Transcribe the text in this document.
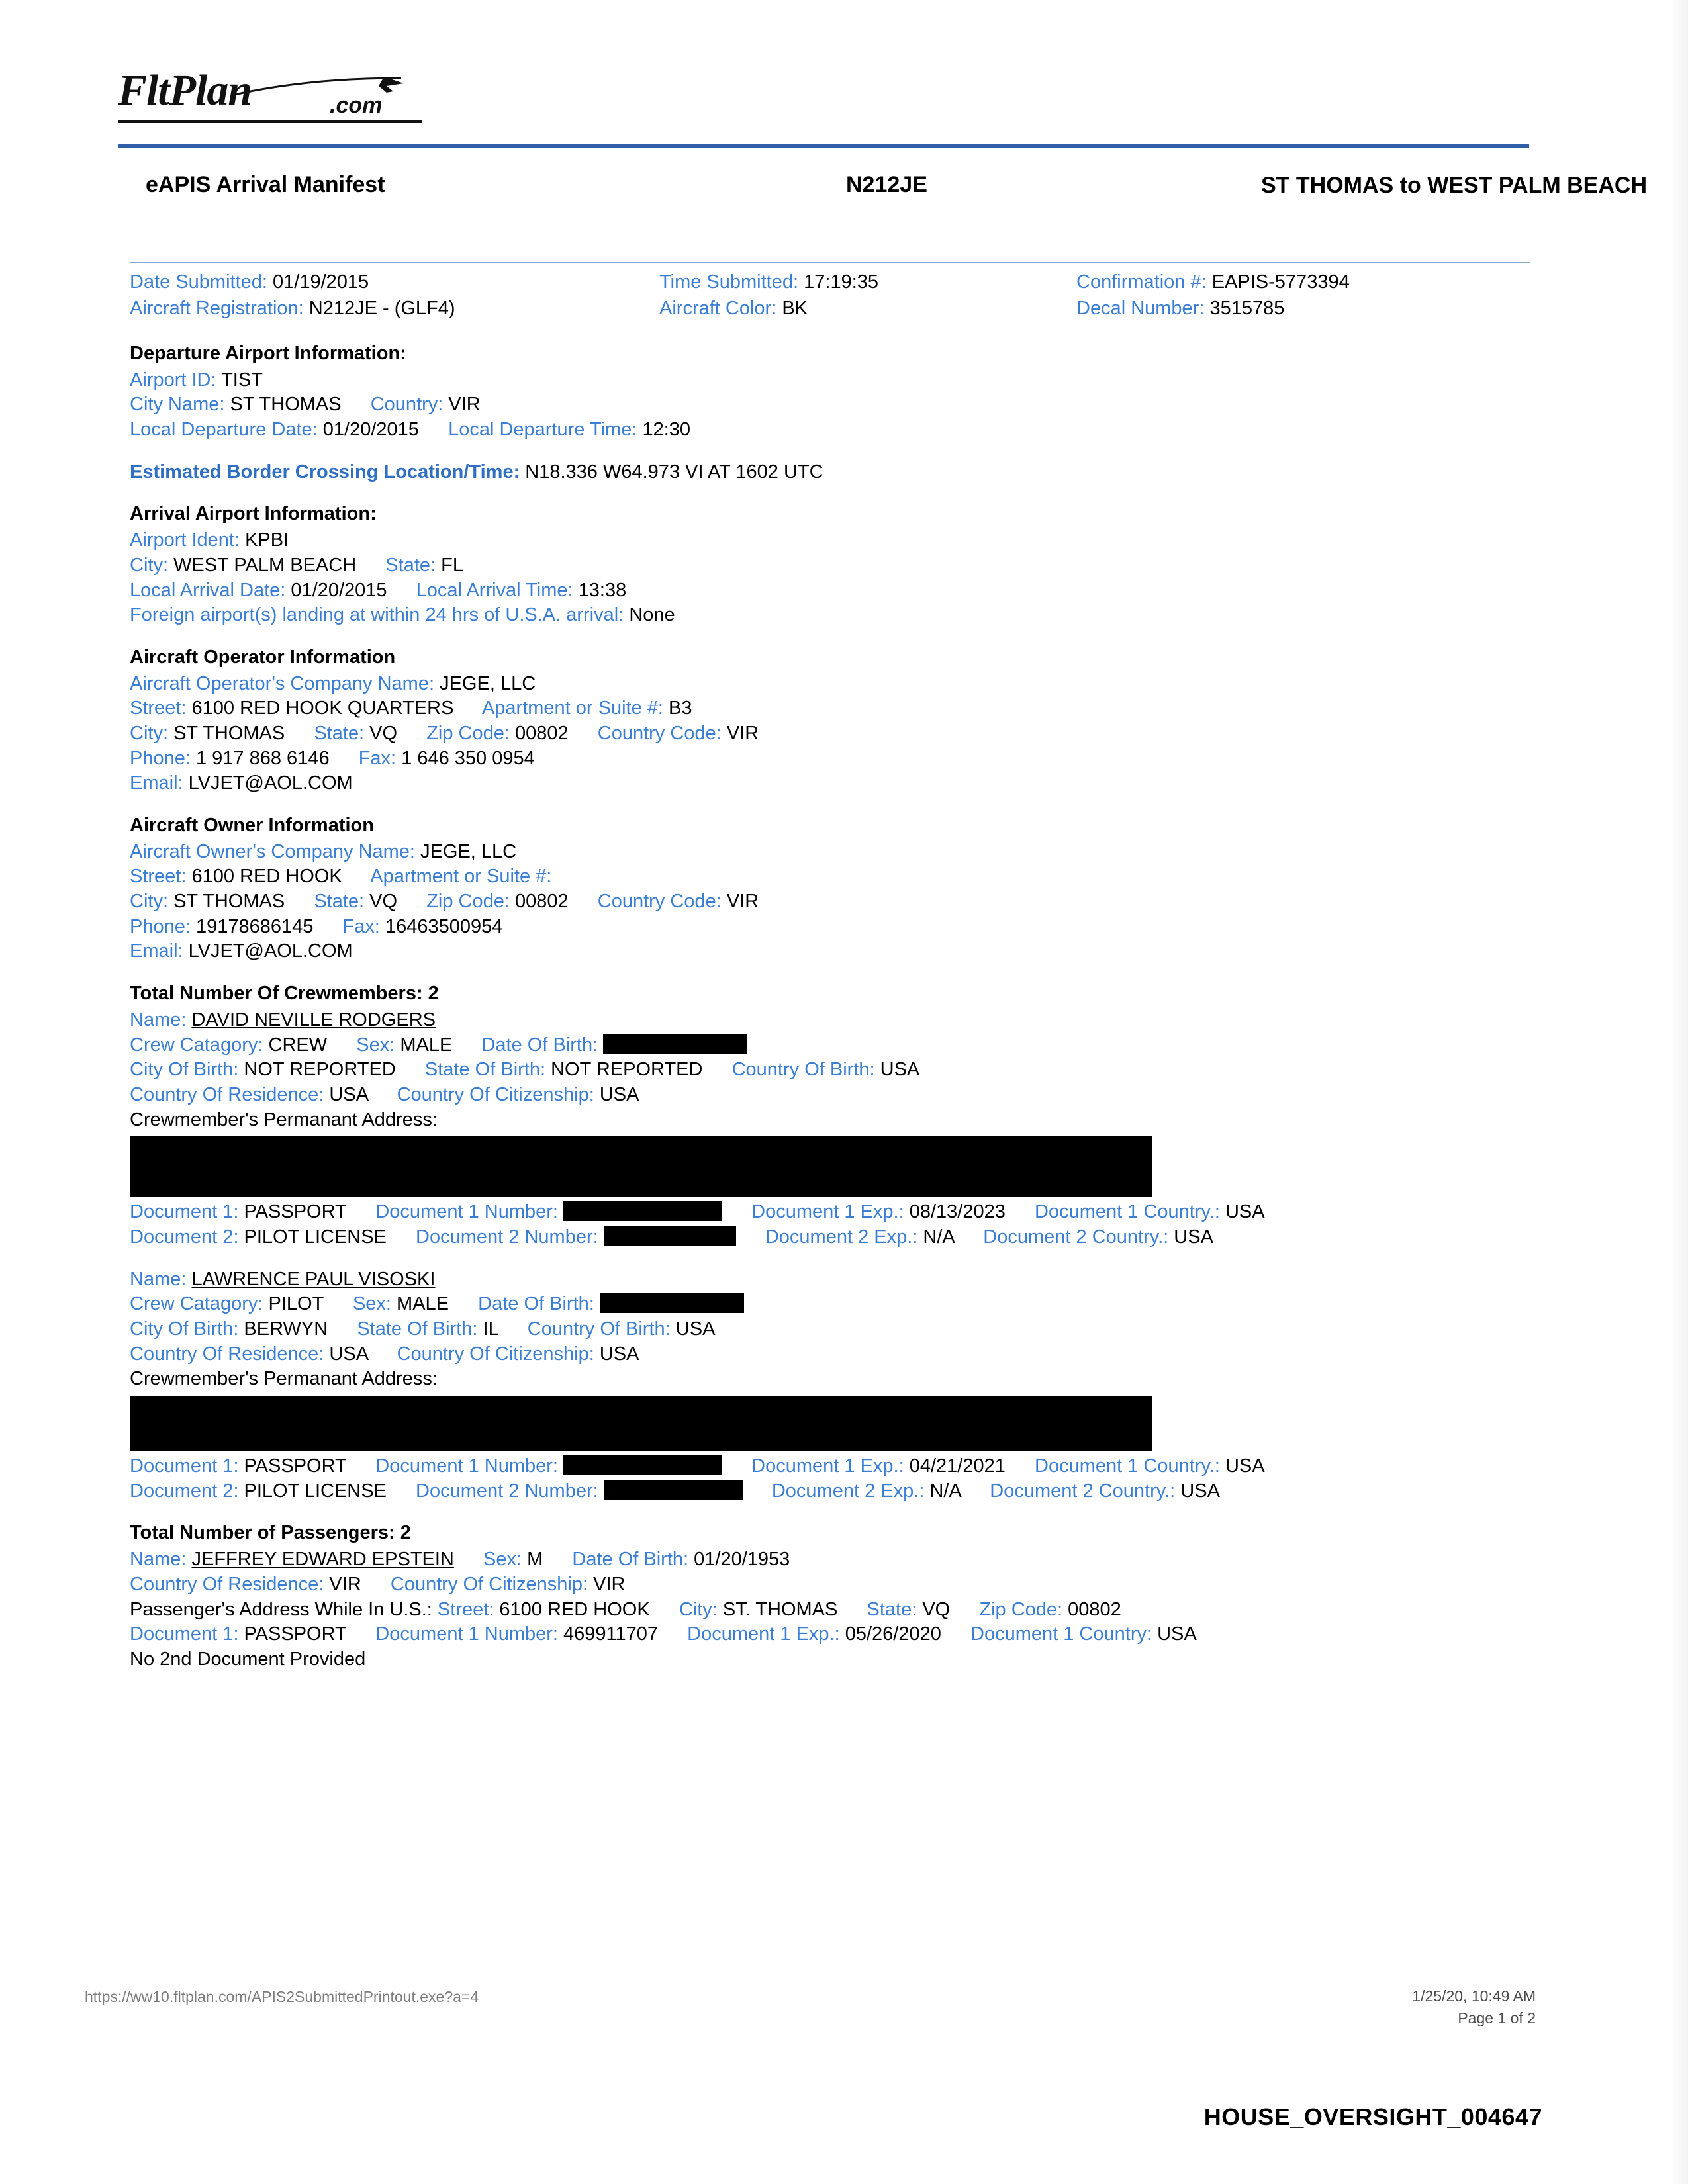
FltPlan	.com
eAPIS Arrival Manifest	N212JE	ST THOMAS to WEST PALM BEACH
Date Submitted: 01/19/2015	Time Submitted: 17:19:35	Confirmation #: EAPIS-5773394
Aircraft Registration: N212JE - (GLF4)	Aircraft Color: BK	Decal Number: 3515785
Departure Airport Information:
Airport ID: TIST
City Name: ST THOMAS Country: VIR
Local Departure Date: 01/20/2015 Local Departure Time: 12:30
Estimated Border Crossing Location/Time: N18.336 W64.973 VI AT 1602 UTC
Arrival Airport Information:
Airport Ident: KPBI
City: WEST PALM BEACH State: FL
Local Arrival Date: 01/20/2015 Local Arrival Time: 13:38
Foreign airport(s) landing at within 24 hrs of U.S.A. arrival: None
Aircraft Operator Information
Aircraft Operator's Company Name: JEGE, LLC
Street: 6100 RED HOOK QUARTERS Apartment or Suite #: B3
City: ST THOMAS State: VQ Zip Code: 00802 Country Code: VIR
Phone: 1 917 868 6146 Fax: 1 646 350 0954
Email: LVJET@AOL.COM
Aircraft Owner Information
Aircraft Owner's Company Name: JEGE, LLC
Street: 6100 RED HOOK Apartment or Suite #:
City: ST THOMAS State: VQ Zip Code: 00802 Country Code: VIR
Phone: 19178686145 Fax: 16463500954
Email: LVJET@AOL.COM
Total Number Of Crewmembers: 2
Name: DAVID NEVILLE RODGERS
Crew Catagory: CREW Sex: MALE Date Of Birth:
City Of Birth: NOT REPORTED State Of Birth: NOT REPORTED Country Of Birth: USA
Country Of Residence: USA Country Of Citizenship: USA
Crewmember's Permanant Address:
Document 1: PASSPORT Document 1 Number:	Document 1 Exp.: 08/13/2023 Document 1 Country.: USA
Document 2: PILOT LICENSE Document 2 Number:	Document 2 Exp.: N/A Document 2 Country.: USA
Name: LAWRENCE PAUL VISOSKI
Crew Catagory: PILOT Sex: MALE Date Of Birth:
City Of Birth: BERWYN State Of Birth: IL Country Of Birth: USA
Country Of Residence: USA Country Of Citizenship: USA
Crewmember's Permanant Address:
Document 1: PASSPORT Document 1 Number:	Document 1 Exp.: 04/21/2021 Document 1 Country.: USA
Document 2: PILOT LICENSE Document 2 Number:	Document 2 Exp.: N/A Document 2 Country.: USA
Total Number of Passengers: 2
Name: JEFFREY EDWARD EPSTEIN Sex: M Date Of Birth: 01/20/1953
Country Of Residence: VIR Country Of Citizenship: VIR
Passenger's Address While In U.S.: Street: 6100 RED HOOK City: ST. THOMAS State: VQ Zip Code: 00802
Document 1: PASSPORT Document 1 Number: 469911707 Document 1 Exp.: 05/26/2020 Document 1 Country: USA
No 2nd Document Provided
https://ww10.fltplan.com/APIS2SubmittedPrintout.exe?a=4	1/25/20, 10:49 AM
Page 1 of 2
HOUSE_OVERSIGHT_004647
